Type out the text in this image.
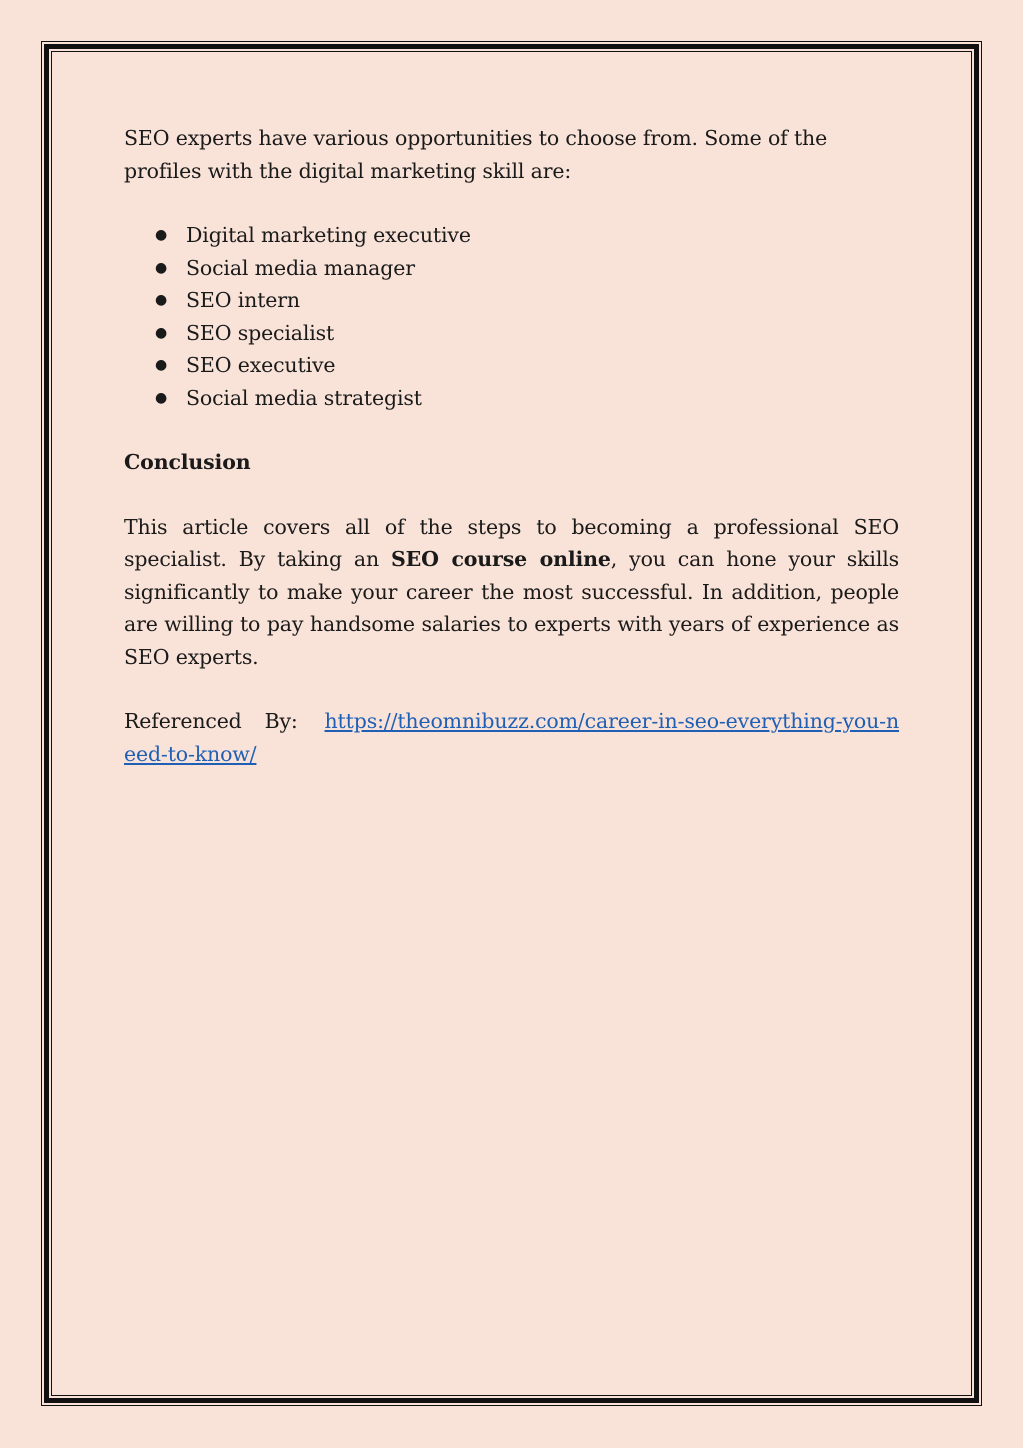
SEO experts have various opportunities to choose from. Some of the profiles with the digital marketing skill are:

● Digital marketing executive
● Social media manager
● SEO intern
● SEO specialist
● SEO executive
● Social media strategist

Conclusion

This article covers all of the steps to becoming a professional SEO specialist. By taking an SEO course online, you can hone your skills significantly to make your career the most successful. In addition, people are willing to pay handsome salaries to experts with years of experience as SEO experts.

Referenced By: https://theomnibuzz.com/career-in-seo-everything-you-need-to-know/
